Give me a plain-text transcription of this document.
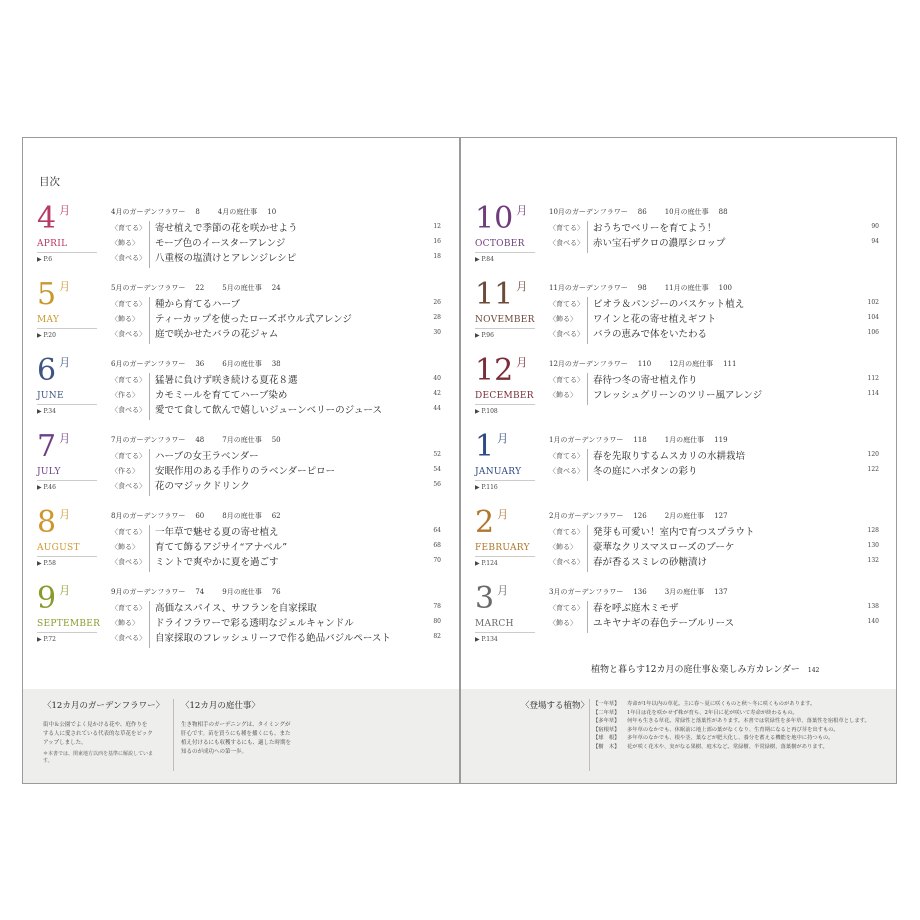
目次
4 $^月$
APRIL
▶ P.6
4月のガーデンフラワー 8	4月の庭仕事 10
〈育てる〉 寄せ植えで季節の花を咲かせよう	12
〈飾る〉 モーブ色のイースターアレンジ	16
〈食べる〉 八重桜の塩漬けとアレンジレシピ	18
5 $^月$
MAY
▶ P.20
5月のガーデンフラワー 22	5月の庭仕事 24
〈育てる〉 種から育てるハーブ	26
〈飾る〉 ティーカップを使ったローズボウル式アレンジ	28
〈食べる〉 庭で咲かせたバラの花ジャム	30
6 $^月$
JUNE
▶ P.34
6月のガーデンフラワー 36	6月の庭仕事 38
〈育てる〉 猛暑に負けず咲き続ける夏花８選	40
〈作る〉 カモミールを育ててハーブ染め	42
〈食べる〉 愛でて食して飲んで嬉しいジューンベリーのジュース	44
7 $^月$
JULY
▶ P.46
7月のガーデンフラワー 48	7月の庭仕事 50
〈育てる〉 ハーブの女王ラベンダー	52
〈作る〉 安眠作用のある手作りのラベンダーピロー	54
〈食べる〉 花のマジックドリンク	56
8 $^月$
AUGUST
▶ P.58
8月のガーデンフラワー 60	8月の庭仕事 62
〈育てる〉 一年草で魅せる夏の寄せ植え	64
〈飾る〉 育てて飾るアジサイ“アナベル”	68
〈食べる〉 ミントで爽やかに夏を過ごす	70
9 $^月$
SEPTEMBER
▶ P.72
9月のガーデンフラワー 74	9月の庭仕事 76
〈育てる〉 高価なスパイス、サフランを自家採取	78
〈飾る〉 ドライフラワーで彩る透明なジェルキャンドル	80
〈食べる〉 自家採取のフレッシュリーフで作る絶品バジルペースト	82
〈12カ月のガーデンフラワー〉
街中＆公園でよく見かける花や、庭作りを
する人に愛されている代表的な草花をピック
アップしました。
＊本書では、関東地方以西を基準に解説しています。
〈12カ月の庭仕事〉
生き物相手のガーデニングは、タイミングが
肝心です。苗を買うにも種を播くにも、また
植え付けるにも収穫するにも、適した時期を
知るのが成功への第一歩。
10 $^月$
OCTOBER
▶ P.84
10月のガーデンフラワー 86	10月の庭仕事 88
〈育てる〉 おうちでベリーを育てよう！	90
〈食べる〉 赤い宝石ザクロの濃厚シロップ	94
11 $^月$
NOVEMBER
▶ P.96
11月のガーデンフラワー 98	11月の庭仕事 100
〈育てる〉 ビオラ＆パンジーのバスケット植え	102
〈飾る〉 ワインと花の寄せ植えギフト	104
〈食べる〉 バラの恵みで体をいたわる	106
12 $^月$
DECEMBER
▶ P.108
12月のガーデンフラワー 110	12月の庭仕事 111
〈育てる〉 春待つ冬の寄せ植え作り	112
〈飾る〉 フレッシュグリーンのツリー風アレンジ	114
1 $^月$
JANUARY
▶ P.116
1月のガーデンフラワー 118	1月の庭仕事 119
〈育てる〉 春を先取りするムスカリの水耕栽培	120
〈食べる〉 冬の庭にハボタンの彩り	122
2 $^月$
FEBRUARY
▶ P.124
2月のガーデンフラワー 126	2月の庭仕事 127
〈育てる〉 発芽も可愛い！室内で育つスプラウト	128
〈飾る〉 豪華なクリスマスローズのブーケ	130
〈食べる〉 春が香るスミレの砂糖漬け	132
3 $^月$
MARCH
▶ P.134
3月のガーデンフラワー 136	3月の庭仕事 137
〈育てる〉 春を呼ぶ庭木ミモザ	138
〈飾る〉 ユキヤナギの春色テーブルリース	140
植物と暮らす12カ月の庭仕事＆楽しみ方カレンダー 142
〈登場する植物〉 【一年草】 寿命が1年以内の草花。主に春～夏に咲くものと秋～冬に咲くものがあります。
【二年草】 1年目は花を咲かせず株が育ち、2年目に花が咲いて寿命が終わるもの。
【多年草】 何年も生きる草花。常緑性と落葉性があります。本書では常緑性を多年草、落葉性を宿根草とします。
【宿根草】 多年草のなかでも、休眠前に地上部の葉がなくなり、生育期になると再び芽を出すもの。
【球　根】 多年草のなかでも、根や茎、葉などが肥大化し、養分を蓄える機能を地中に持つもの。
【樹　木】 花が咲く花木や、実がなる果樹、庭木など。常緑樹、半常緑樹、落葉樹があります。
